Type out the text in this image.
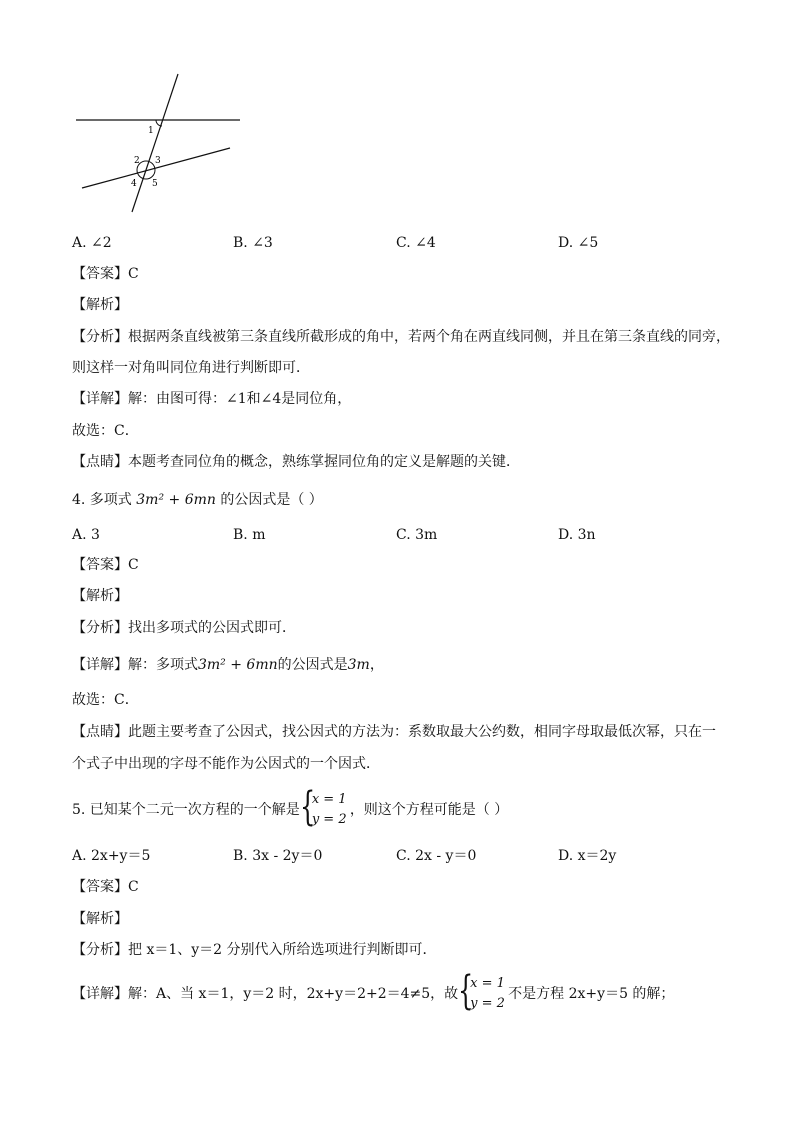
1
2 3
4 5
A. ∠2	B. ∠3	C. ∠4	D. ∠5
【答案】C
【解析】
【分析】根据两条直线被第三条直线所截形成的角中，若两个角在两直线同侧，并且在第三条直线的同旁，
则这样一对角叫同位角进行判断即可．
【详解】解：由图可得：∠1和∠4是同位角，
故选：C．
【点睛】本题考查同位角的概念，熟练掌握同位角的定义是解题的关键．
4. 多项式 3m² + 6mn 的公因式是（ ）
A. 3	B. m	C. 3m	D. 3n
【答案】C
【解析】
【分析】找出多项式的公因式即可．
【详解】解：多项式3m² + 6mn的公因式是3m，
故选：C．
【点睛】此题主要考查了公因式，找公因式的方法为：系数取最大公约数，相同字母取最低次幂，只在一
个式子中出现的字母不能作为公因式的一个因式．
5. 已知某个二元一次方程的一个解是 {
x = 1
y = 2
，则这个方程可能是（ ）
A. 2x+y＝5	B. 3x - 2y＝0	C. 2x - y＝0	D. x＝2y
【答案】C
【解析】
【分析】把 x＝1、y＝2 分别代入所给选项进行判断即可．
【详解】解：A、当 x＝1，y＝2 时，2x+y＝2+2＝4≠5，故 {
x = 1
y = 2
不是方程 2x+y＝5 的解；
